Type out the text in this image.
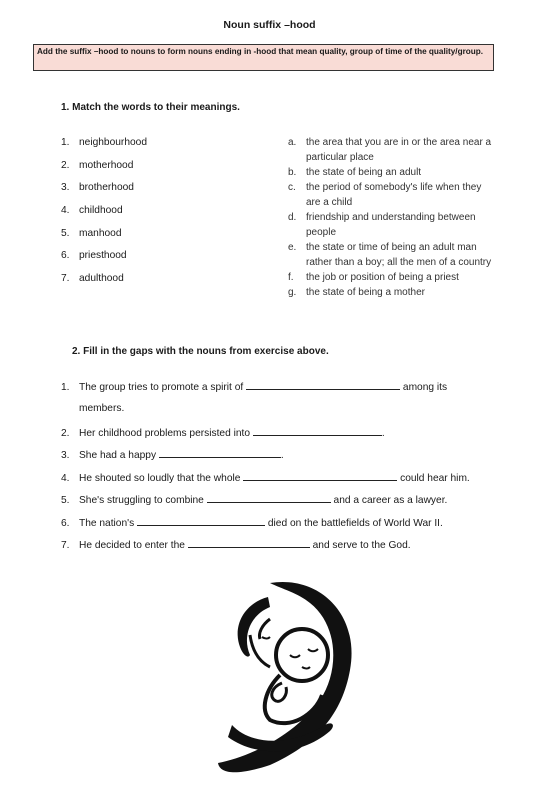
Noun suffix –hood
Add the suffix –hood to nouns to form nouns ending in -hood that mean quality, group of time of the quality/group.
1. Match the words to their meanings.
1. neighbourhood
2. motherhood
3. brotherhood
4. childhood
5. manhood
6. priesthood
7. adulthood
a. the area that you are in or the area near a
particular place
b. the state of being an adult
c. the period of somebody's life when they
are a child
d. friendship and understanding between
people
e. the state or time of being an adult man
rather than a boy; all the men of a country
f. the job or position of being a priest
g. the state of being a mother
2. Fill in the gaps with the nouns from exercise above.
1. The group tries to promote a spirit of	among its
members.
2. Her childhood problems persisted into	.
3. She had a happy	.
4. He shouted so loudly that the whole	could hear him.
5. She's struggling to combine	and a career as a lawyer.
6. The nation's	died on the battlefields of World War II.
7. He decided to enter the	and serve to the God.
